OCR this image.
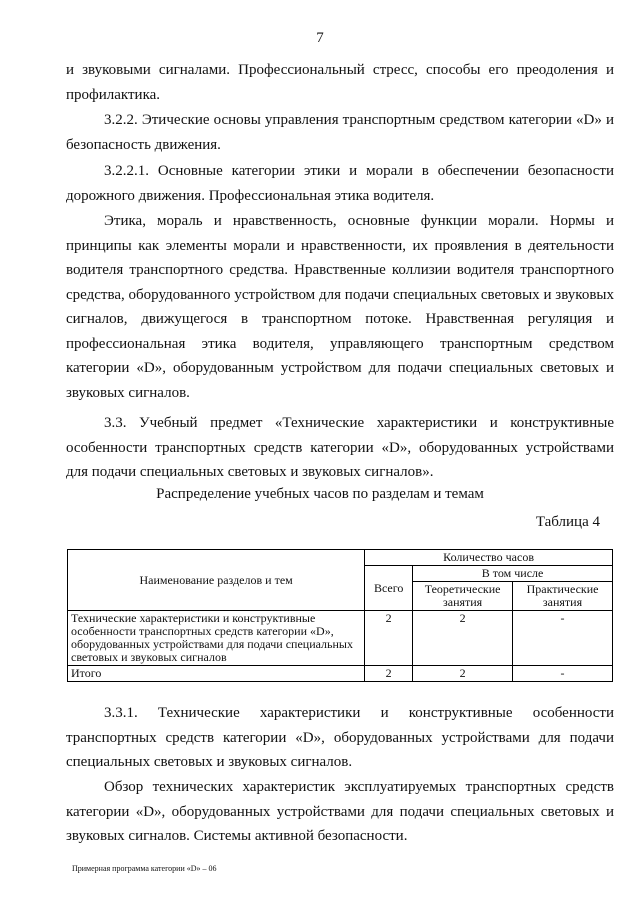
7

и звуковыми сигналами. Профессиональный стресс, способы его преодоления и профилактика.

3.2.2. Этические основы управления транспортным средством категории «D» и безопасность движения.

3.2.2.1. Основные категории этики и морали в обеспечении безопасности дорожного движения. Профессиональная этика водителя.

Этика, мораль и нравственность, основные функции морали. Нормы и принципы как элементы морали и нравственности, их проявления в деятельности водителя транспортного средства. Нравственные коллизии водителя транспортного средства, оборудованного устройством для подачи специальных световых и звуковых сигналов, движущегося в транспортном потоке. Нравственная регуляция и профессиональная этика водителя, управляющего транспортным средством категории «D», оборудованным устройством для подачи специальных световых и звуковых сигналов.

3.3. Учебный предмет «Технические характеристики и конструктивные особенности транспортных средств категории «D», оборудованных устройствами для подачи специальных световых и звуковых сигналов».

Распределение учебных часов по разделам и темам
Таблица 4
Наименование разделов и тем	Количество часов		
	Всего	В том числе	
		Теоретические занятия	Практические занятия
Технические характеристики и конструктивные особенности транспортных средств категории «D», оборудованных устройствами для подачи специальных световых и звуковых сигналов	2	2	-
Итого	2	2	-

3.3.1. Технические характеристики и конструктивные особенности транспортных средств категории «D», оборудованных устройствами для подачи специальных световых и звуковых сигналов.

Обзор технических характеристик эксплуатируемых транспортных средств категории «D», оборудованных устройствами для подачи специальных световых и звуковых сигналов. Системы активной безопасности.

Примерная программа категории «D» – 06
